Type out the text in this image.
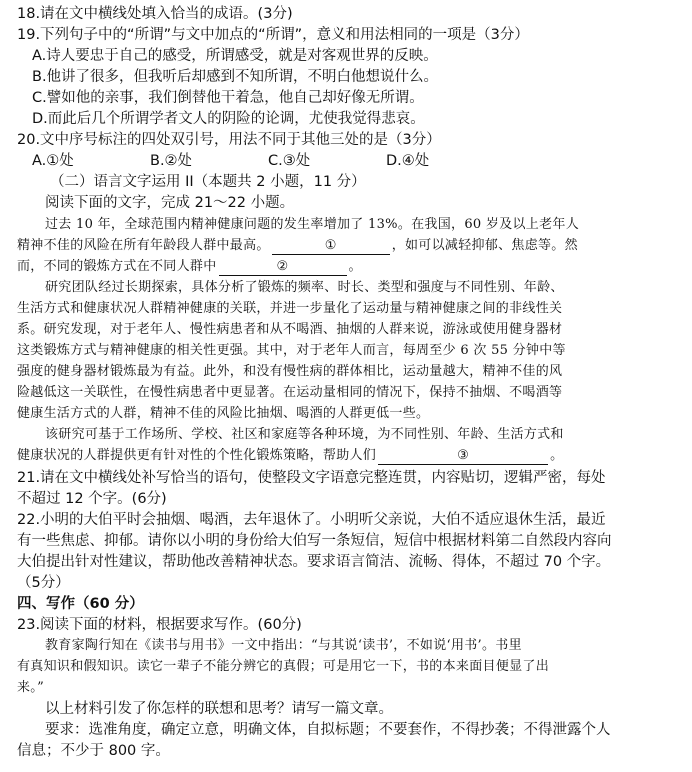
18.请在文中横线处填入恰当的成语。(3分)
19.下列句子中的“所谓”与文中加点的“所谓”，意义和用法相同的一项是（3分）
A.诗人要忠于自己的感受，所谓感受，就是对客观世界的反映。
B.他讲了很多，但我听后却感到不知所谓，不明白他想说什么。
C.譬如他的亲事，我们倒替他干着急，他自己却好像无所谓。
D.而此后几个所谓学者文人的阴险的论调，尤使我觉得悲哀。
20.文中序号标注的四处双引号，用法不同于其他三处的是（3分）
A.①处	B.②处	C.③处	D.④处
（二）语言文字运用 II（本题共 2 小题，11 分）
阅读下面的文字，完成 21～22 小题。
过去 10 年，全球范围内精神健康问题的发生率增加了 13%。在我国，60 岁及以上老年人
精神不佳的风险在所有年龄段人群中最高。	①	，如可以减轻抑郁、焦虑等。然
而，不同的锻炼方式在不同人群中	②	。
研究团队经过长期探索，具体分析了锻炼的频率、时长、类型和强度与不同性别、年龄、
生活方式和健康状况人群精神健康的关联，并进一步量化了运动量与精神健康之间的非线性关
系。研究发现，对于老年人、慢性病患者和从不喝酒、抽烟的人群来说，游泳或使用健身器材
这类锻炼方式与精神健康的相关性更强。其中，对于老年人而言，每周至少 6 次 55 分钟中等
强度的健身器材锻炼最为有益。此外，和没有慢性病的群体相比，运动量越大，精神不佳的风
险越低这一关联性，在慢性病患者中更显著。在运动量相同的情况下，保持不抽烟、不喝酒等
健康生活方式的人群，精神不佳的风险比抽烟、喝酒的人群更低一些。
该研究可基于工作场所、学校、社区和家庭等各种环境，为不同性别、年龄、生活方式和
健康状况的人群提供更有针对性的个性化锻炼策略，帮助人们	③	。
21.请在文中横线处补写恰当的语句，使整段文字语意完整连贯，内容贴切，逻辑严密，每处
不超过 12 个字。(6分)
22.小明的大伯平时会抽烟、喝酒，去年退休了。小明听父亲说，大伯不适应退休生活，最近
有一些焦虑、抑郁。请你以小明的身份给大伯写一条短信，短信中根据材料第二自然段内容向
大伯提出针对性建议，帮助他改善精神状态。要求语言简洁、流畅、得体，不超过 70 个字。
（5分）
四、写作（60 分）
23.阅读下面的材料，根据要求写作。(60分)
教育家陶行知在《读书与用书》一文中指出：“与其说‘读书’，不如说‘用书’。书里
有真知识和假知识。读它一辈子不能分辨它的真假；可是用它一下，书的本来面目便显了出
来。”
以上材料引发了你怎样的联想和思考？请写一篇文章。
要求：选准角度，确定立意，明确文体，自拟标题；不要套作，不得抄袭；不得泄露个人
信息；不少于 800 字。
